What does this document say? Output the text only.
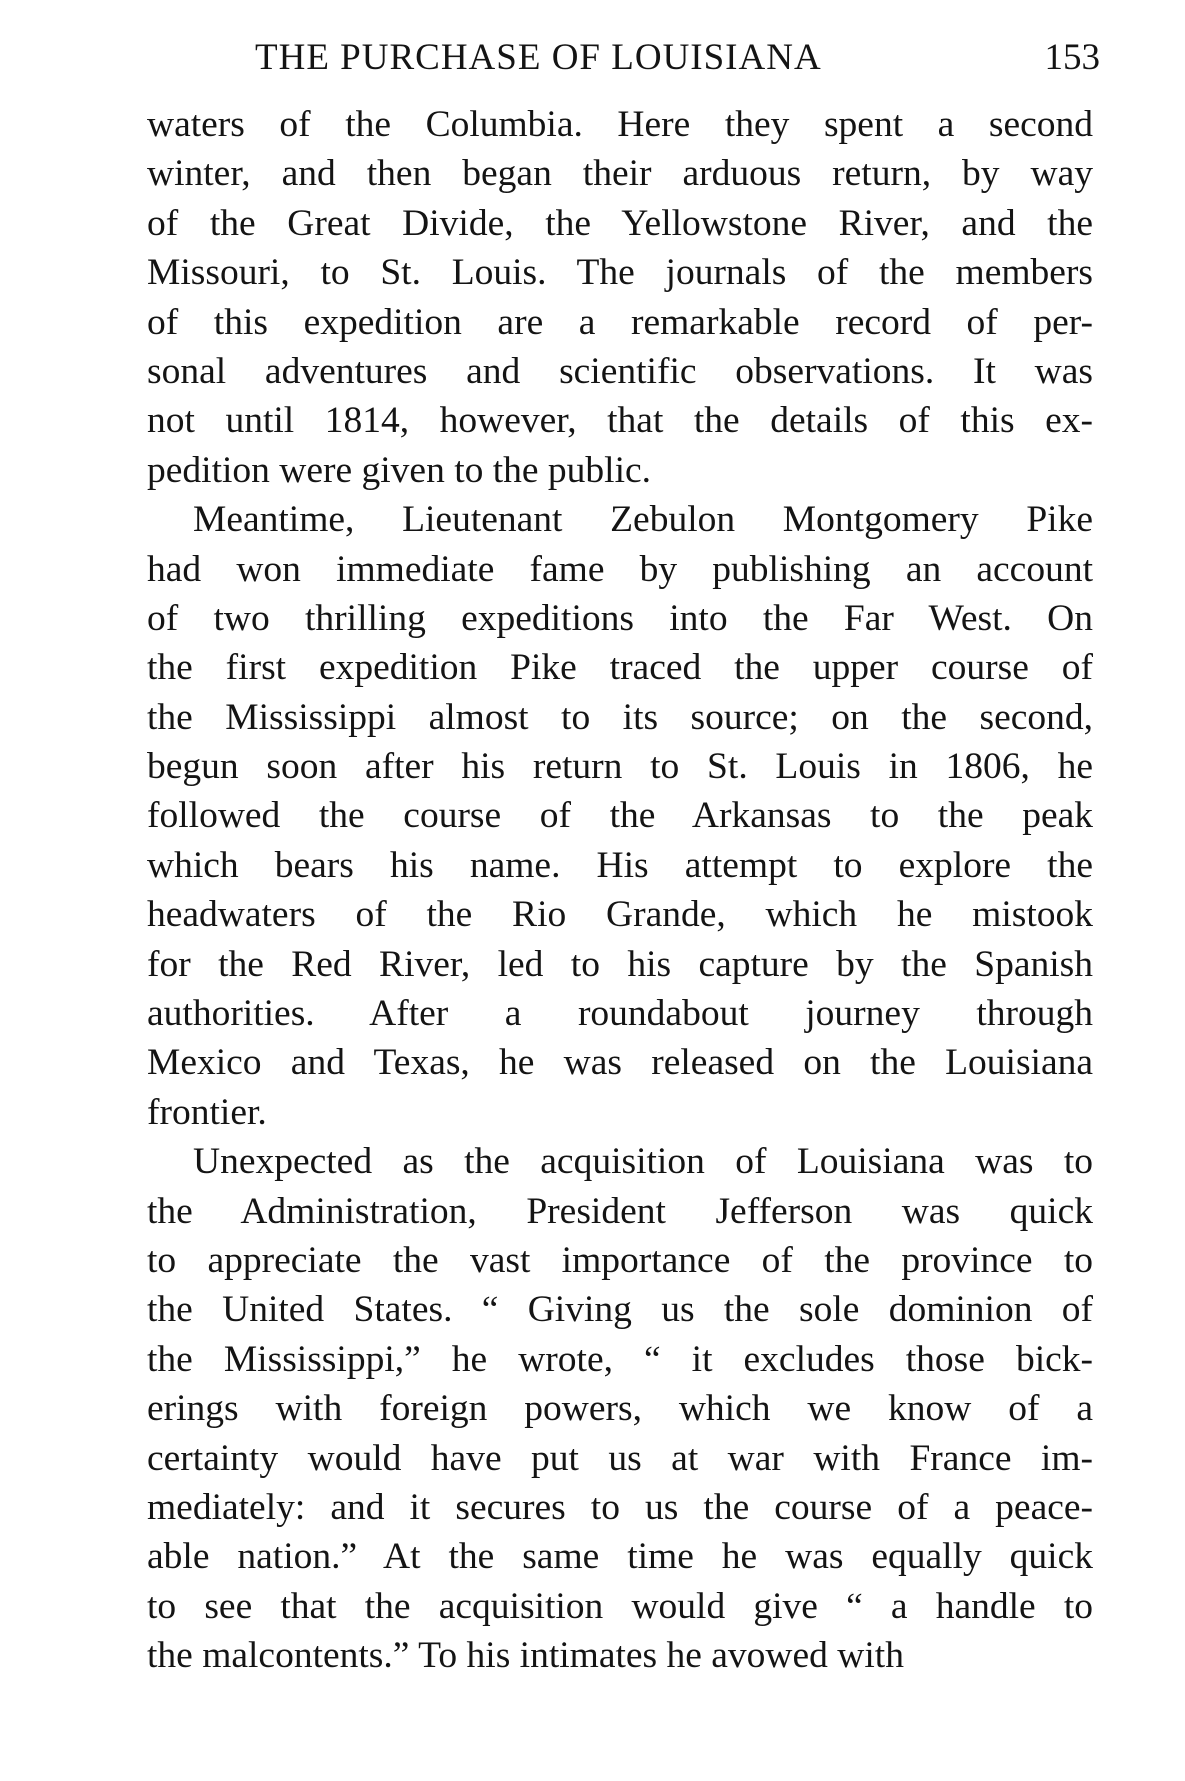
THE PURCHASE OF LOUISIANA	153
waters of the Columbia. Here they spent a second
winter, and then began their arduous return, by way
of the Great Divide, the Yellowstone River, and the
Missouri, to St. Louis. The journals of the members
of this expedition are a remarkable record of per-
sonal adventures and scientific observations. It was
not until 1814, however, that the details of this ex-
pedition were given to the public.
Meantime, Lieutenant Zebulon Montgomery Pike
had won immediate fame by publishing an account
of two thrilling expeditions into the Far West. On
the first expedition Pike traced the upper course of
the Mississippi almost to its source; on the second,
begun soon after his return to St. Louis in 1806, he
followed the course of the Arkansas to the peak
which bears his name. His attempt to explore the
headwaters of the Rio Grande, which he mistook
for the Red River, led to his capture by the Spanish
authorities. After a roundabout journey through
Mexico and Texas, he was released on the Louisiana
frontier.
Unexpected as the acquisition of Louisiana was to
the Administration, President Jefferson was quick
to appreciate the vast importance of the province to
the United States. “ Giving us the sole dominion of
the Mississippi,” he wrote, “ it excludes those bick-
erings with foreign powers, which we know of a
certainty would have put us at war with France im-
mediately: and it secures to us the course of a peace-
able nation.” At the same time he was equally quick
to see that the acquisition would give “ a handle to
the malcontents.” To his intimates he avowed with
